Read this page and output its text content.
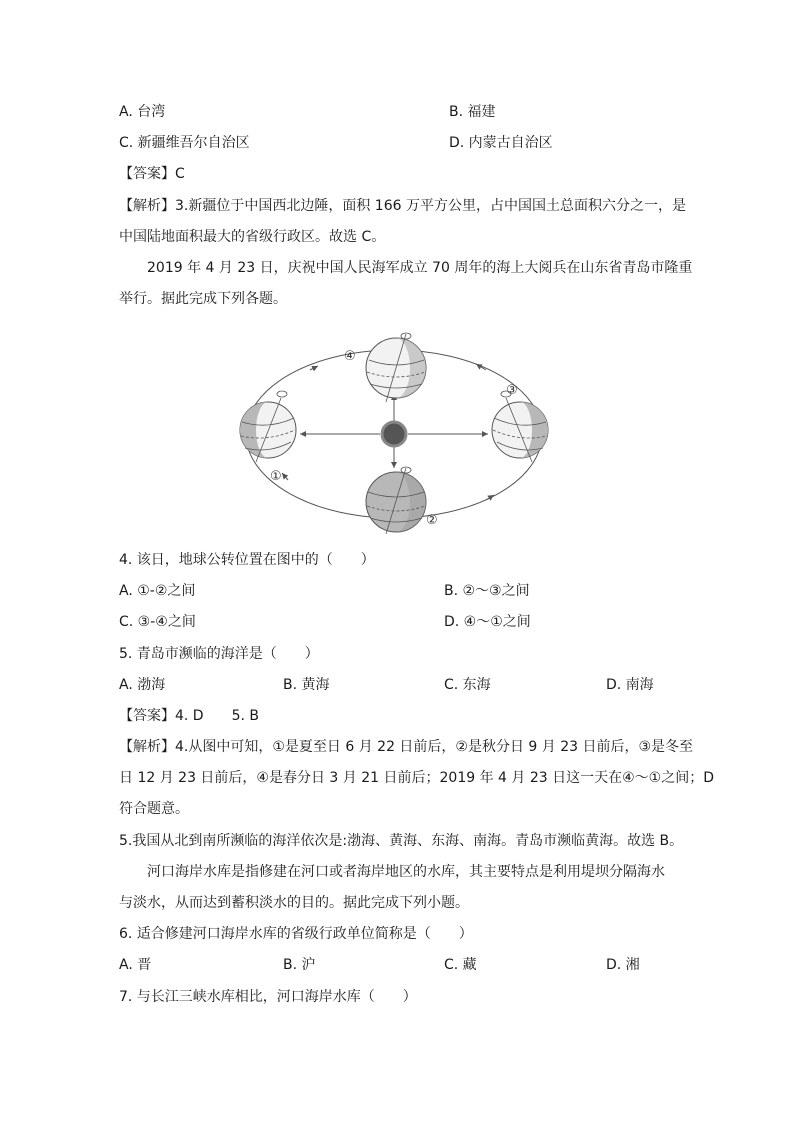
A. 台湾	B. 福建
C. 新疆维吾尔自治区	D. 内蒙古自治区
【答案】C
【解析】3.新疆位于中国西北边陲，面积 166 万平方公里，占中国国土总面积六分之一，是
中国陆地面积最大的省级行政区。故选 C。
2019 年 4 月 23 日，庆祝中国人民海军成立 70 周年的海上大阅兵在山东省青岛市隆重
举行。据此完成下列各题。
④
①
③
②
4. 该日，地球公转位置在图中的（　　）
A. ①-②之间	B. ②～③之间
C. ③-④之间	D. ④～①之间
5. 青岛市濒临的海洋是（　　）
A. 渤海	B. 黄海	C. 东海	D. 南海
【答案】4. D　　5. B
【解析】4.从图中可知，①是夏至日 6 月 22 日前后，②是秋分日 9 月 23 日前后，③是冬至
日 12 月 23 日前后，④是春分日 3 月 21 日前后；2019 年 4 月 23 日这一天在④～①之间；D
符合题意。
5.我国从北到南所濒临的海洋依次是:渤海、黄海、东海、南海。青岛市濒临黄海。故选 B。
河口海岸水库是指修建在河口或者海岸地区的水库，其主要特点是利用堤坝分隔海水
与淡水，从而达到蓄积淡水的目的。据此完成下列小题。
6. 适合修建河口海岸水库的省级行政单位简称是（　　）
A. 晋	B. 沪	C. 藏	D. 湘
7. 与长江三峡水库相比，河口海岸水库（　　）
